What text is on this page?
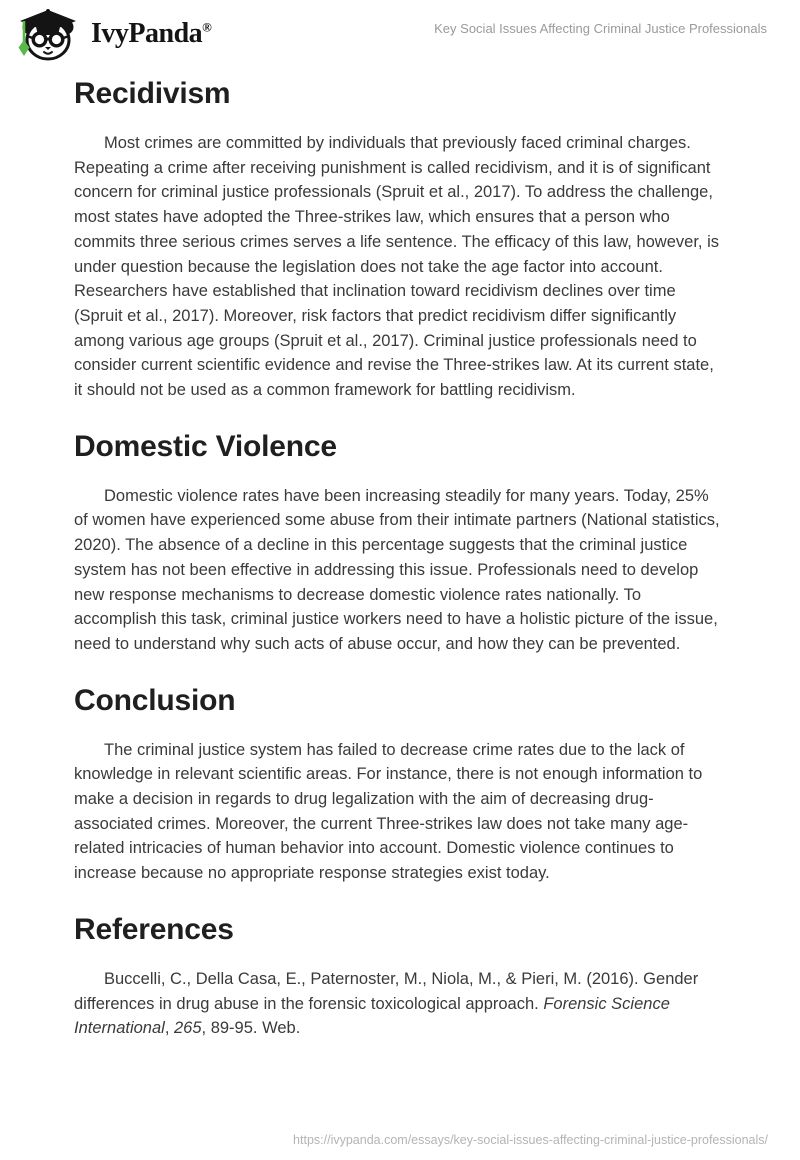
IvyPanda®	Key Social Issues Affecting Criminal Justice Professionals
Recidivism

Most crimes are committed by individuals that previously faced criminal charges. Repeating a crime after receiving punishment is called recidivism, and it is of significant concern for criminal justice professionals (Spruit et al., 2017). To address the challenge, most states have adopted the Three-strikes law, which ensures that a person who commits three serious crimes serves a life sentence. The efficacy of this law, however, is under question because the legislation does not take the age factor into account. Researchers have established that inclination toward recidivism declines over time (Spruit et al., 2017). Moreover, risk factors that predict recidivism differ significantly among various age groups (Spruit et al., 2017). Criminal justice professionals need to consider current scientific evidence and revise the Three-strikes law. At its current state, it should not be used as a common framework for battling recidivism.

Domestic Violence

Domestic violence rates have been increasing steadily for many years. Today, 25% of women have experienced some abuse from their intimate partners (National statistics, 2020). The absence of a decline in this percentage suggests that the criminal justice system has not been effective in addressing this issue. Professionals need to develop new response mechanisms to decrease domestic violence rates nationally. To accomplish this task, criminal justice workers need to have a holistic picture of the issue, need to understand why such acts of abuse occur, and how they can be prevented.

Conclusion

The criminal justice system has failed to decrease crime rates due to the lack of knowledge in relevant scientific areas. For instance, there is not enough information to make a decision in regards to drug legalization with the aim of decreasing drug-associated crimes. Moreover, the current Three-strikes law does not take many age-related intricacies of human behavior into account. Domestic violence continues to increase because no appropriate response strategies exist today.

References

Buccelli, C., Della Casa, E., Paternoster, M., Niola, M., & Pieri, M. (2016). Gender differences in drug abuse in the forensic toxicological approach. Forensic Science International, 265, 89-95. Web.

https://ivypanda.com/essays/key-social-issues-affecting-criminal-justice-professionals/
